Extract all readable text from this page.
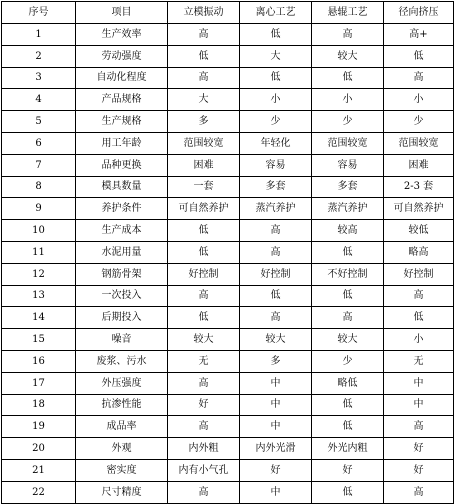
序号	项目	立模振动	离心工艺	悬辊工艺	径向挤压
1	生产效率	高	低	高	高+
2	劳动强度	低	大	较大	低
3	自动化程度	高	低	低	高
4	产品规格	大	小	小	小
5	生产规格	多	少	少	少
6	用工年龄	范围较宽	年轻化	范围较宽	范围较宽
7	品种更换	困难	容易	容易	困难
8	模具数量	一套	多套	多套	2-3 套
9	养护条件	可自然养护	蒸汽养护	蒸汽养护	可自然养护
10	生产成本	低	高	较高	较低
11	水泥用量	低	高	低	略高
12	钢筋骨架	好控制	好控制	不好控制	好控制
13	一次投入	高	低	低	高
14	后期投入	低	高	高	低
15	噪音	较大	较大	较大	小
16	废浆、污水	无	多	少	无
17	外压强度	高	中	略低	中
18	抗渗性能	好	中	低	中
19	成品率	高	中	低	高
20	外观	内外粗	内外光滑	外光内粗	好
21	密实度	内有小气孔	好	好	好
22	尺寸精度	高	中	低	高
